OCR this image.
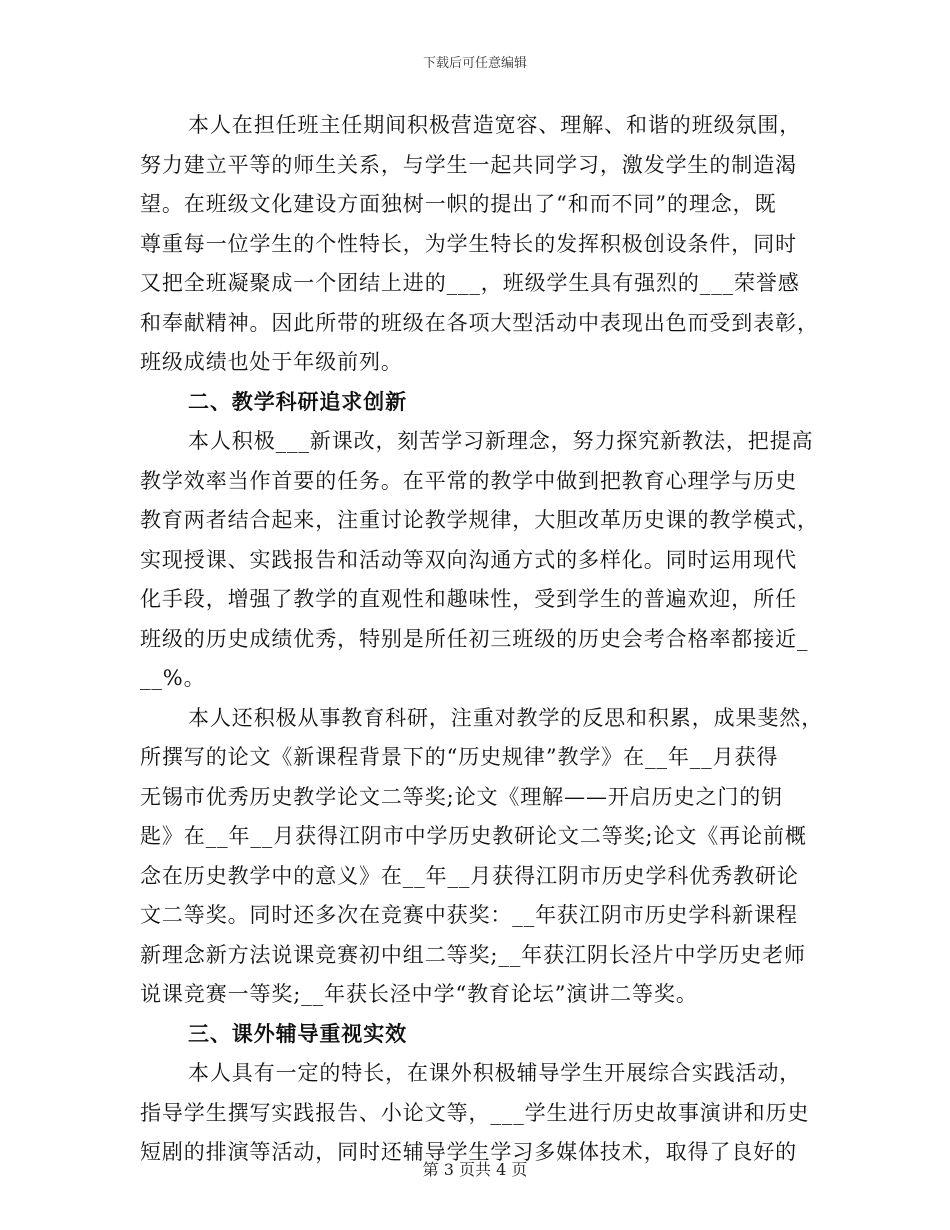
下载后可任意编辑
本人在担任班主任期间积极营造宽容、理解、和谐的班级氛围，
努力建立平等的师生关系，与学生一起共同学习，激发学生的制造渴
望。在班级文化建设方面独树一帜的提出了“和而不同”的理念，既
尊重每一位学生的个性特长，为学生特长的发挥积极创设条件，同时
又把全班凝聚成一个团结上进的___，班级学生具有强烈的___荣誉感
和奉献精神。因此所带的班级在各项大型活动中表现出色而受到表彰，
班级成绩也处于年级前列。
二、教学科研追求创新
本人积极___新课改，刻苦学习新理念，努力探究新教法，把提高
教学效率当作首要的任务。在平常的教学中做到把教育心理学与历史
教育两者结合起来，注重讨论教学规律，大胆改革历史课的教学模式，
实现授课、实践报告和活动等双向沟通方式的多样化。同时运用现代
化手段，增强了教学的直观性和趣味性，受到学生的普遍欢迎，所任
班级的历史成绩优秀，特别是所任初三班级的历史会考合格率都接近_
__%。
本人还积极从事教育科研，注重对教学的反思和积累，成果斐然，
所撰写的论文《新课程背景下的“历史规律”教学》在__年__月获得
无锡市优秀历史教学论文二等奖;论文《理解——开启历史之门的钥
匙》在__年__月获得江阴市中学历史教研论文二等奖;论文《再论前概
念在历史教学中的意义》在__年__月获得江阴市历史学科优秀教研论
文二等奖。同时还多次在竞赛中获奖：__年获江阴市历史学科新课程
新理念新方法说课竞赛初中组二等奖;__年获江阴长泾片中学历史老师
说课竞赛一等奖;__年获长泾中学“教育论坛”演讲二等奖。
三、课外辅导重视实效
本人具有一定的特长，在课外积极辅导学生开展综合实践活动，
指导学生撰写实践报告、小论文等，___学生进行历史故事演讲和历史
短剧的排演等活动，同时还辅导学生学习多媒体技术，取得了良好的
第 3 页共 4 页
